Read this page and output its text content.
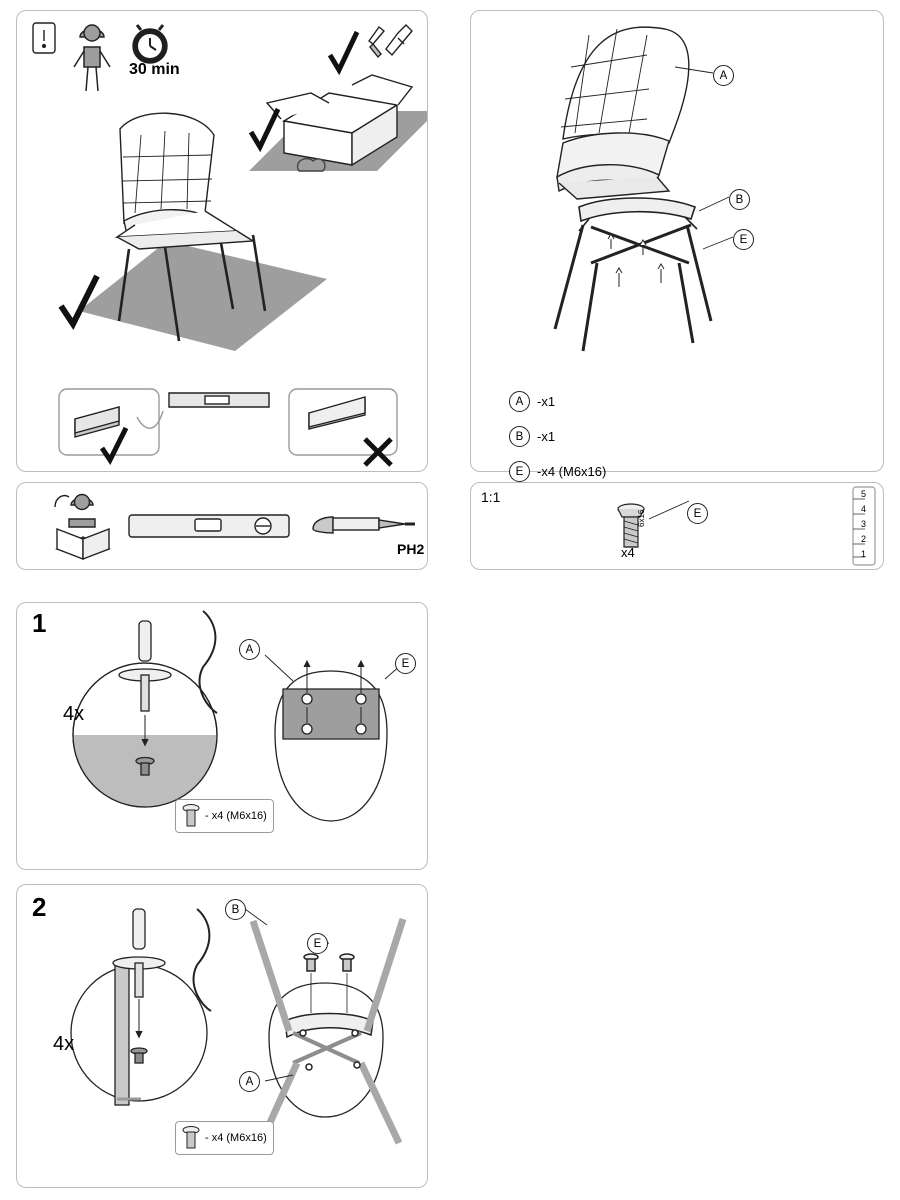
30 min
PH2
A
B
E
A	-x1
B	-x1
E	-x4 (M6x16)
1:1
E
6x16
x4
5
4
3
2
1
A
E
4x
- x4 (M6x16)
B
E
A
4x
- x4 (M6x16)
1
2
